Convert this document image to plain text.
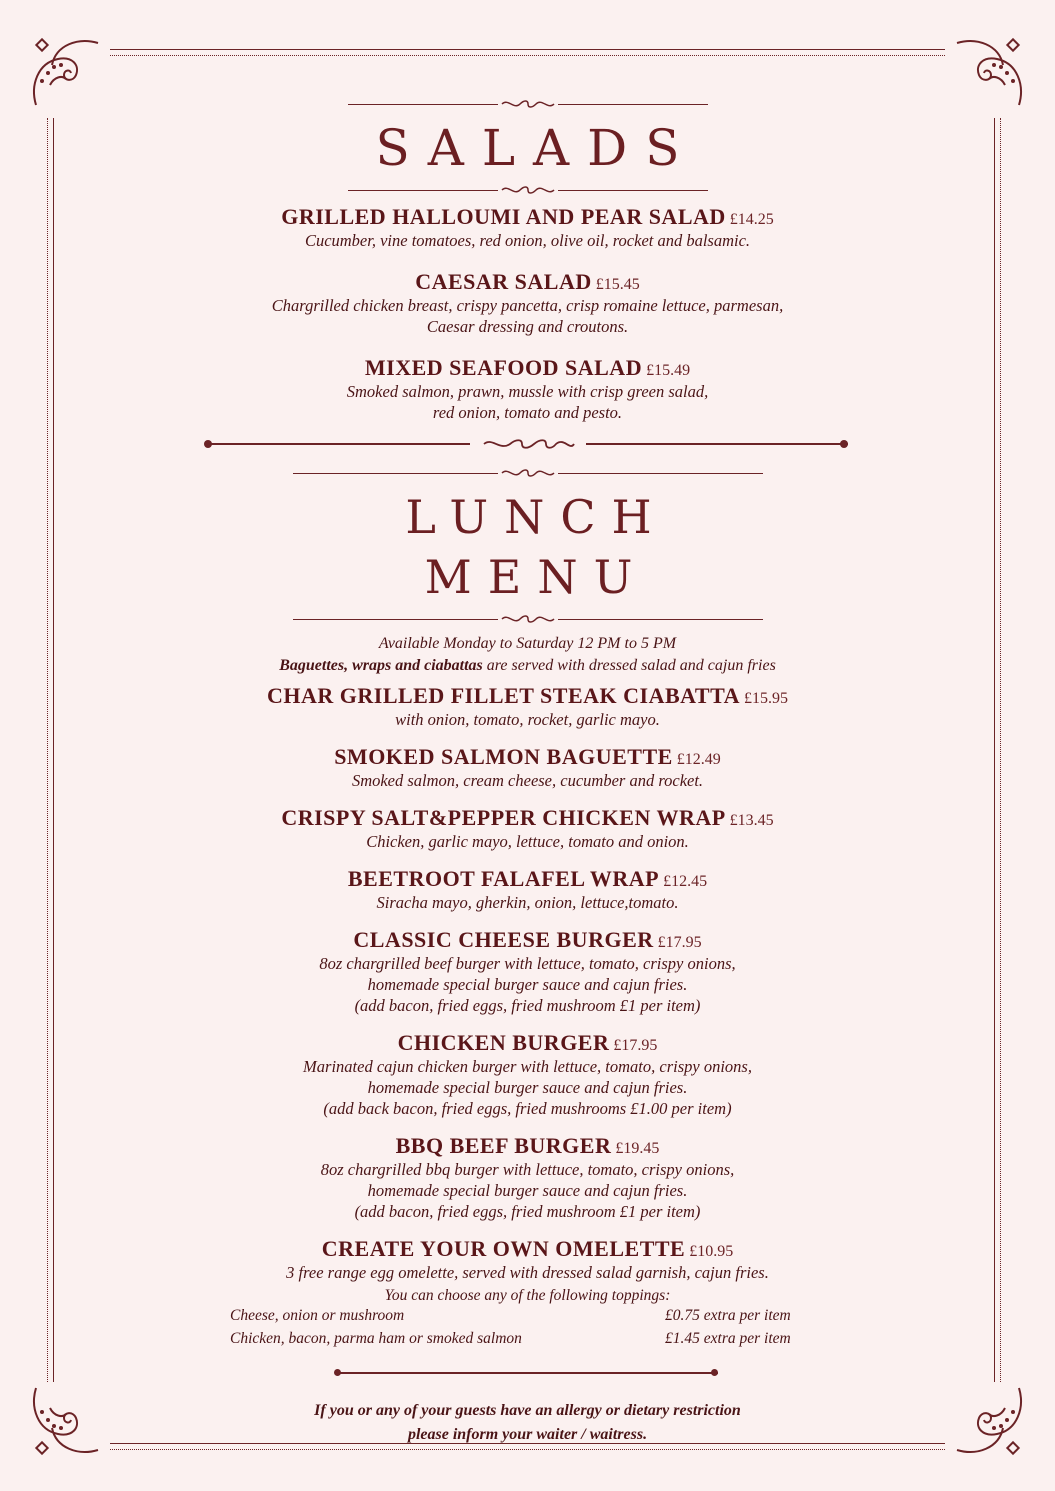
SALADS
GRILLED HALLOUMI AND PEAR SALAD £14.25
Cucumber, vine tomatoes, red onion, olive oil, rocket and balsamic.
CAESAR SALAD £15.45
Chargrilled chicken breast, crispy pancetta, crisp romaine lettuce, parmesan,
Caesar dressing and croutons.
MIXED SEAFOOD SALAD £15.49
Smoked salmon, prawn, mussle with crisp green salad,
red onion, tomato and pesto.
LUNCH MENU
Available Monday to Saturday 12 PM to 5 PM
Baguettes, wraps and ciabattas are served with dressed salad and cajun fries
CHAR GRILLED FILLET STEAK CIABATTA £15.95
with onion, tomato, rocket, garlic mayo.
SMOKED SALMON BAGUETTE £12.49
Smoked salmon, cream cheese, cucumber and rocket.
CRISPY SALT&PEPPER CHICKEN WRAP £13.45
Chicken, garlic mayo, lettuce, tomato and onion.
BEETROOT FALAFEL WRAP £12.45
Siracha mayo, gherkin, onion, lettuce,tomato.
CLASSIC CHEESE BURGER £17.95
8oz chargrilled beef burger with lettuce, tomato, crispy onions,
homemade special burger sauce and cajun fries.
(add bacon, fried eggs, fried mushroom £1 per item)
CHICKEN BURGER £17.95
Marinated cajun chicken burger with lettuce, tomato, crispy onions,
homemade special burger sauce and cajun fries.
(add back bacon, fried eggs, fried mushrooms £1.00 per item)
BBQ BEEF BURGER £19.45
8oz chargrilled bbq burger with lettuce, tomato, crispy onions,
homemade special burger sauce and cajun fries.
(add bacon, fried eggs, fried mushroom £1 per item)
CREATE YOUR OWN OMELETTE £10.95
3 free range egg omelette, served with dressed salad garnish, cajun fries.
You can choose any of the following toppings:
Cheese, onion or mushroom	£0.75 extra per item
Chicken, bacon, parma ham or smoked salmon	£1.45 extra per item
If you or any of your guests have an allergy or dietary restriction
please inform your waiter / waitress.
